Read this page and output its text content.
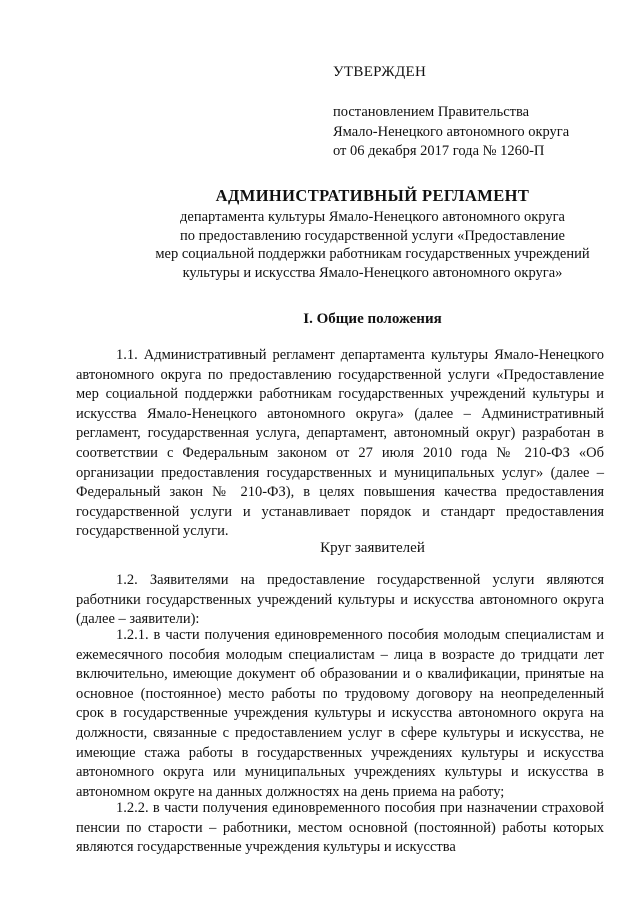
УТВЕРЖДЕН
постановлением Правительства
Ямало-Ненецкого автономного округа
от 06 декабря 2017 года № 1260-П
АДМИНИСТРАТИВНЫЙ РЕГЛАМЕНТ
департамента культуры Ямало-Ненецкого автономного округа
по предоставлению государственной услуги «Предоставление
мер социальной поддержки работникам государственных учреждений
культуры и искусства Ямало-Ненецкого автономного округа»
I. Общие положения

1.1. Административный регламент департамента культуры Ямало-Ненецкого автономного округа по предоставлению государственной услуги «Предоставление мер социальной поддержки работникам государственных учреждений культуры и искусства Ямало-Ненецкого автономного округа» (далее – Административный регламент, государственная услуга, департамент, автономный округ) разработан в соответствии с Федеральным законом от 27 июля 2010 года № 210-ФЗ «Об организации предоставления государственных и муниципальных услуг» (далее – Федеральный закон № 210-ФЗ), в целях повышения качества предоставления государственной услуги и устанавливает порядок и стандарт предоставления государственной услуги.

Круг заявителей

1.2. Заявителями на предоставление государственной услуги являются работники государственных учреждений культуры и искусства автономного округа (далее – заявители):

1.2.1. в части получения единовременного пособия молодым специалистам и ежемесячного пособия молодым специалистам – лица в возрасте до тридцати лет включительно, имеющие документ об образовании и о квалификации, принятые на основное (постоянное) место работы по трудовому договору на неопределенный срок в государственные учреждения культуры и искусства автономного округа на должности, связанные с предоставлением услуг в сфере культуры и искусства, не имеющие стажа работы в государственных учреждениях культуры и искусства автономного округа или муниципальных учреждениях культуры и искусства в автономном округе на данных должностях на день приема на работу;

1.2.2. в части получения единовременного пособия при назначении страховой пенсии по старости – работники, местом основной (постоянной) работы которых являются государственные учреждения культуры и искусства
